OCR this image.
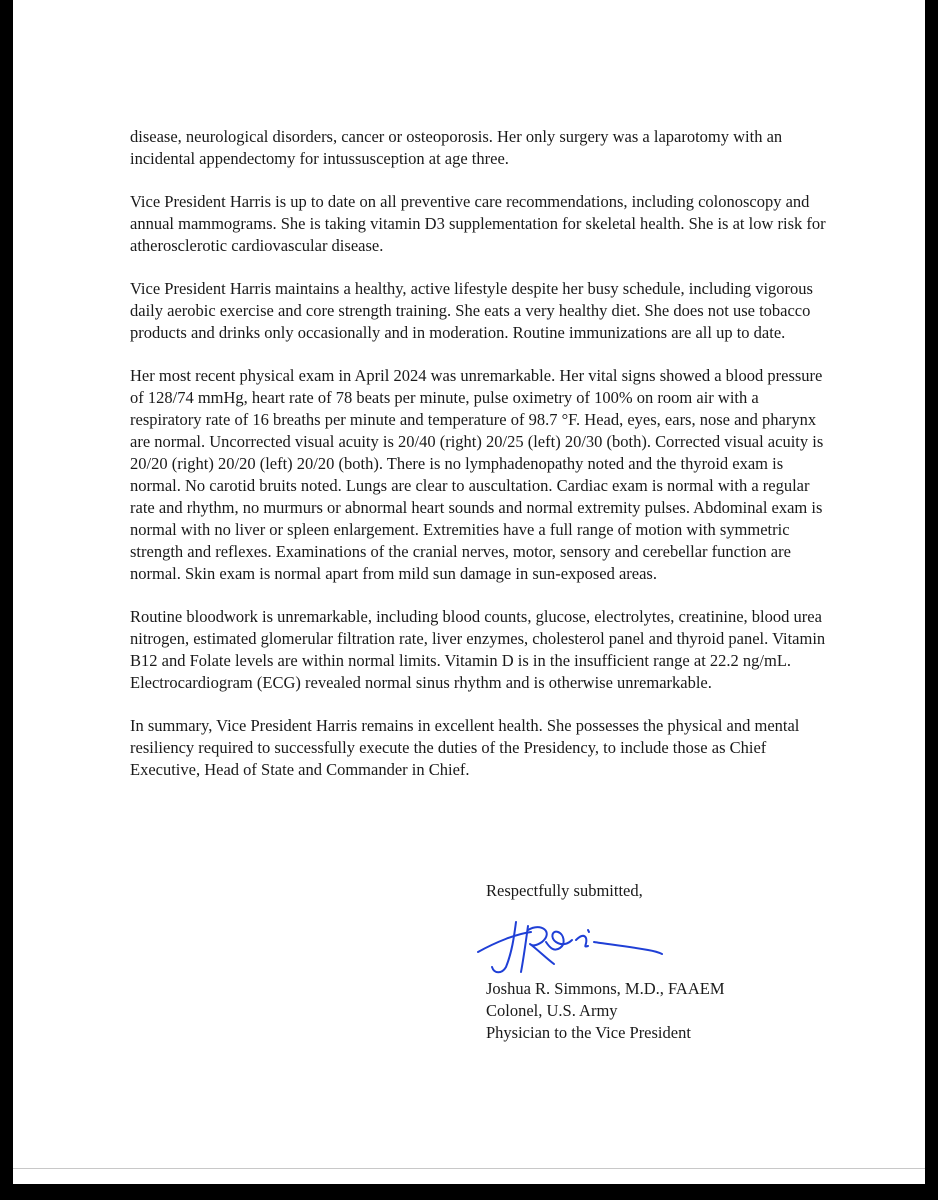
disease, neurological disorders, cancer or osteoporosis. Her only surgery was a laparotomy with an incidental appendectomy for intussusception at age three.

Vice President Harris is up to date on all preventive care recommendations, including colonoscopy and annual mammograms. She is taking vitamin D3 supplementation for skeletal health. She is at low risk for atherosclerotic cardiovascular disease.

Vice President Harris maintains a healthy, active lifestyle despite her busy schedule, including vigorous daily aerobic exercise and core strength training. She eats a very healthy diet. She does not use tobacco products and drinks only occasionally and in moderation. Routine immunizations are all up to date.

Her most recent physical exam in April 2024 was unremarkable. Her vital signs showed a blood pressure of 128/74 mmHg, heart rate of 78 beats per minute, pulse oximetry of 100% on room air with a respiratory rate of 16 breaths per minute and temperature of 98.7 °F. Head, eyes, ears, nose and pharynx are normal. Uncorrected visual acuity is 20/40 (right) 20/25 (left) 20/30 (both). Corrected visual acuity is 20/20 (right) 20/20 (left) 20/20 (both). There is no lymphadenopathy noted and the thyroid exam is normal. No carotid bruits noted. Lungs are clear to auscultation. Cardiac exam is normal with a regular rate and rhythm, no murmurs or abnormal heart sounds and normal extremity pulses. Abdominal exam is normal with no liver or spleen enlargement. Extremities have a full range of motion with symmetric strength and reflexes. Examinations of the cranial nerves, motor, sensory and cerebellar function are normal. Skin exam is normal apart from mild sun damage in sun-exposed areas.

Routine bloodwork is unremarkable, including blood counts, glucose, electrolytes, creatinine, blood urea nitrogen, estimated glomerular filtration rate, liver enzymes, cholesterol panel and thyroid panel. Vitamin B12 and Folate levels are within normal limits. Vitamin D is in the insufficient range at 22.2 ng/mL. Electrocardiogram (ECG) revealed normal sinus rhythm and is otherwise unremarkable.

In summary, Vice President Harris remains in excellent health. She possesses the physical and mental resiliency required to successfully execute the duties of the Presidency, to include those as Chief Executive, Head of State and Commander in Chief.

Respectfully submitted,

Joshua R. Simmons, M.D., FAAEM
Colonel, U.S. Army
Physician to the Vice President
